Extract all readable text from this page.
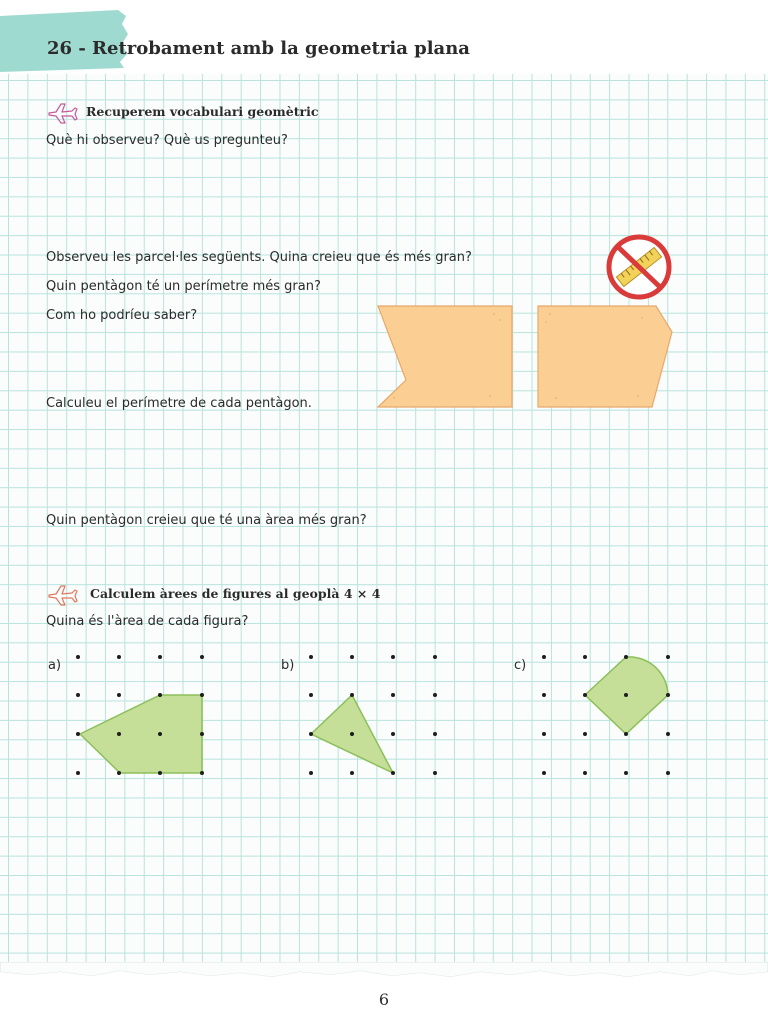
26 - Retrobament amb la geometria plana
Recuperem vocabulari geomètric
Què hi observeu? Què us pregunteu?
Observeu les parcel·les següents. Quina creieu que és més gran?
Quin pentàgon té un perímetre més gran?
Com ho podríeu saber?
Calculeu el perímetre de cada pentàgon.
Quin pentàgon creieu que té una àrea més gran?
Calculem àrees de figures al geoplà 4 × 4
Quina és l'àrea de cada figura?
a)	b)	c)
6
